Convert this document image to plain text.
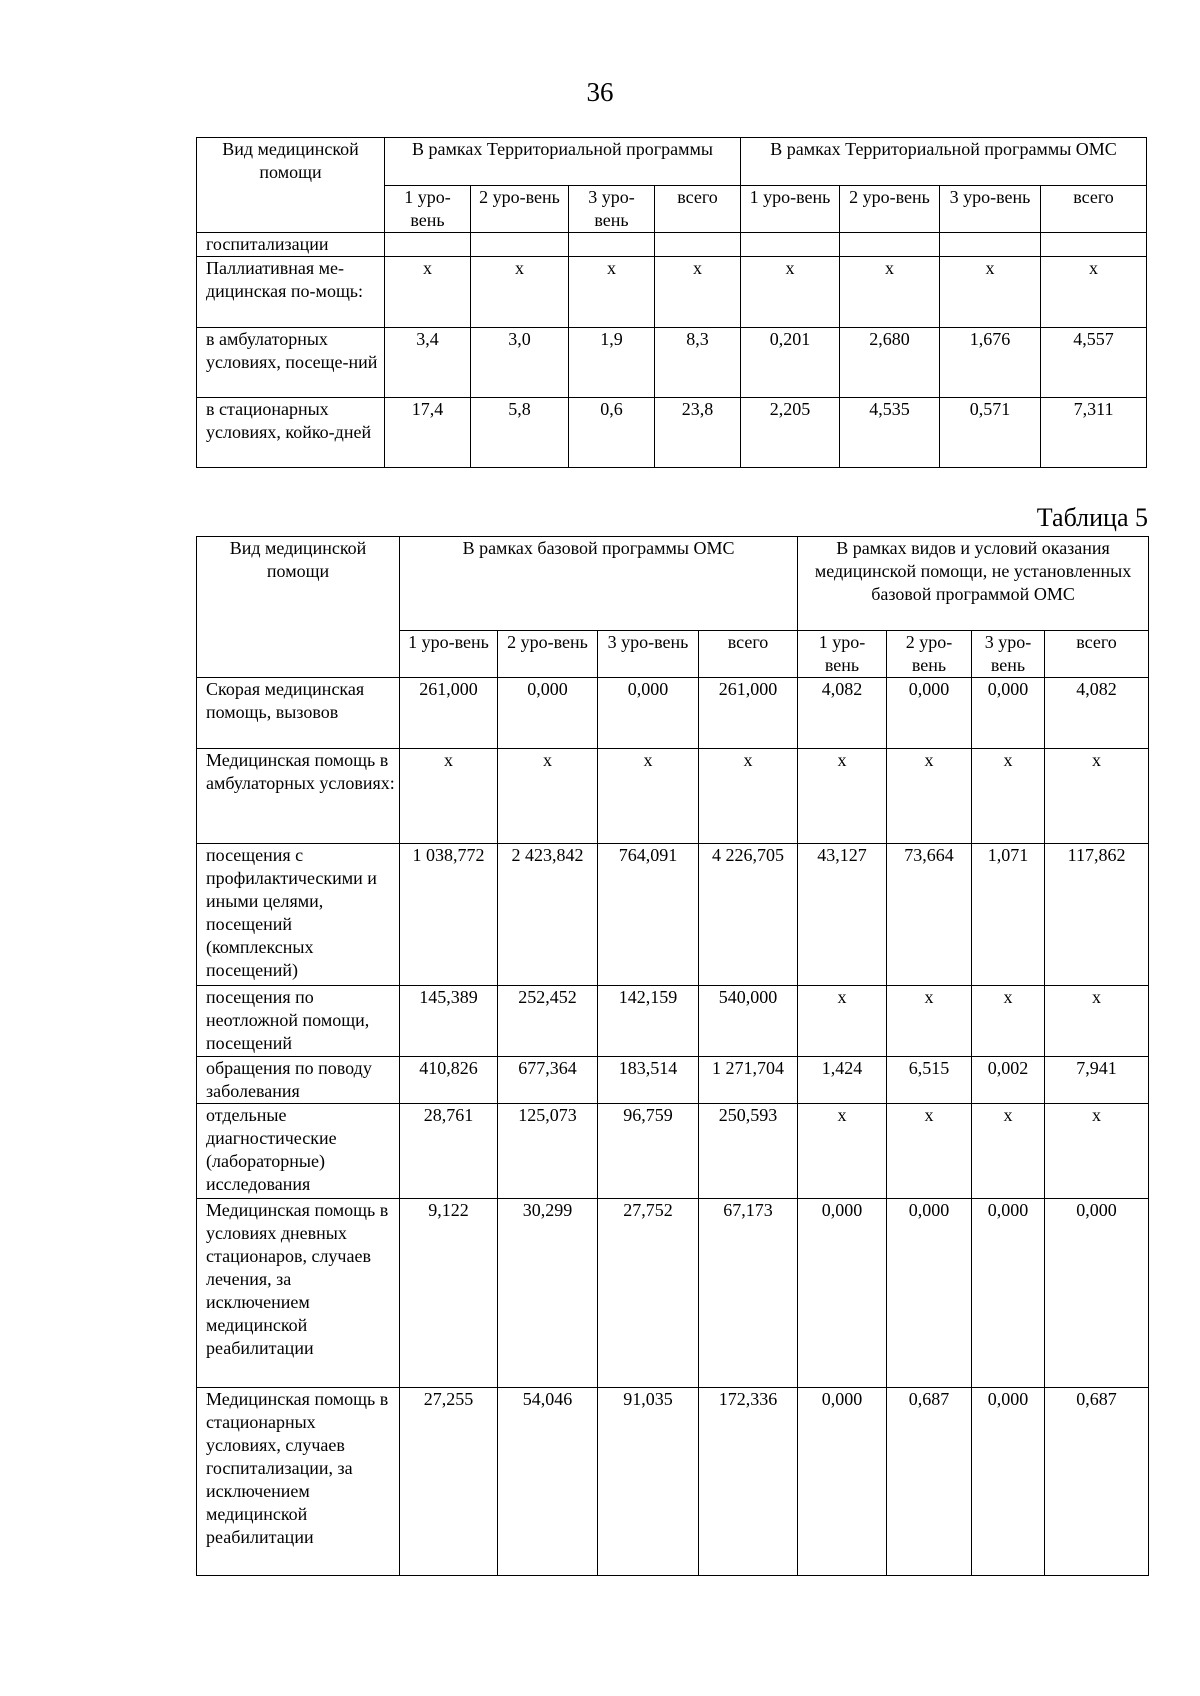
36
Вид медицинской помощи	В рамках Территориальной программы				В рамках Территориальной программы ОМС			
	1 уро-вень	2 уро-вень	3 уро-вень	всего	1 уро-вень	2 уро-вень	3 уро-вень	всего
госпитализации								
Паллиативная ме-дицинская по-мощь:	х	х	х	х	х	х	х	х
в амбулаторных условиях, посеще-ний	3,4	3,0	1,9	8,3	0,201	2,680	1,676	4,557
в стационарных условиях, койко-дней	17,4	5,8	0,6	23,8	2,205	4,535	0,571	7,311
Таблица 5
Вид медицинской помощи	В рамках базовой программы ОМС				В рамках видов и условий оказания медицинской помощи, не установленных базовой программой ОМС			
	1 уро-вень	2 уро-вень	3 уро-вень	всего	1 уро-вень	2 уро-вень	3 уро-вень	всего
Скорая медицинская помощь, вызовов	261,000	0,000	0,000	261,000	4,082	0,000	0,000	4,082
Медицинская помощь в амбулаторных условиях:	х	х	х	х	х	х	х	х
посещения с профилактическими и иными целями, посещений (комплексных посещений)	1 038,772	2 423,842	764,091	4 226,705	43,127	73,664	1,071	117,862
посещения по неотложной помощи, посещений	145,389	252,452	142,159	540,000	х	х	х	х
обращения по поводу заболевания	410,826	677,364	183,514	1 271,704	1,424	6,515	0,002	7,941
отдельные диагностические (лабораторные) исследования	28,761	125,073	96,759	250,593	х	х	х	х
Медицинская помощь в условиях дневных стационаров, случаев лечения, за исключением медицинской реабилитации	9,122	30,299	27,752	67,173	0,000	0,000	0,000	0,000
Медицинская помощь в стационарных условиях, случаев госпитализации, за исключением медицинской реабилитации	27,255	54,046	91,035	172,336	0,000	0,687	0,000	0,687
